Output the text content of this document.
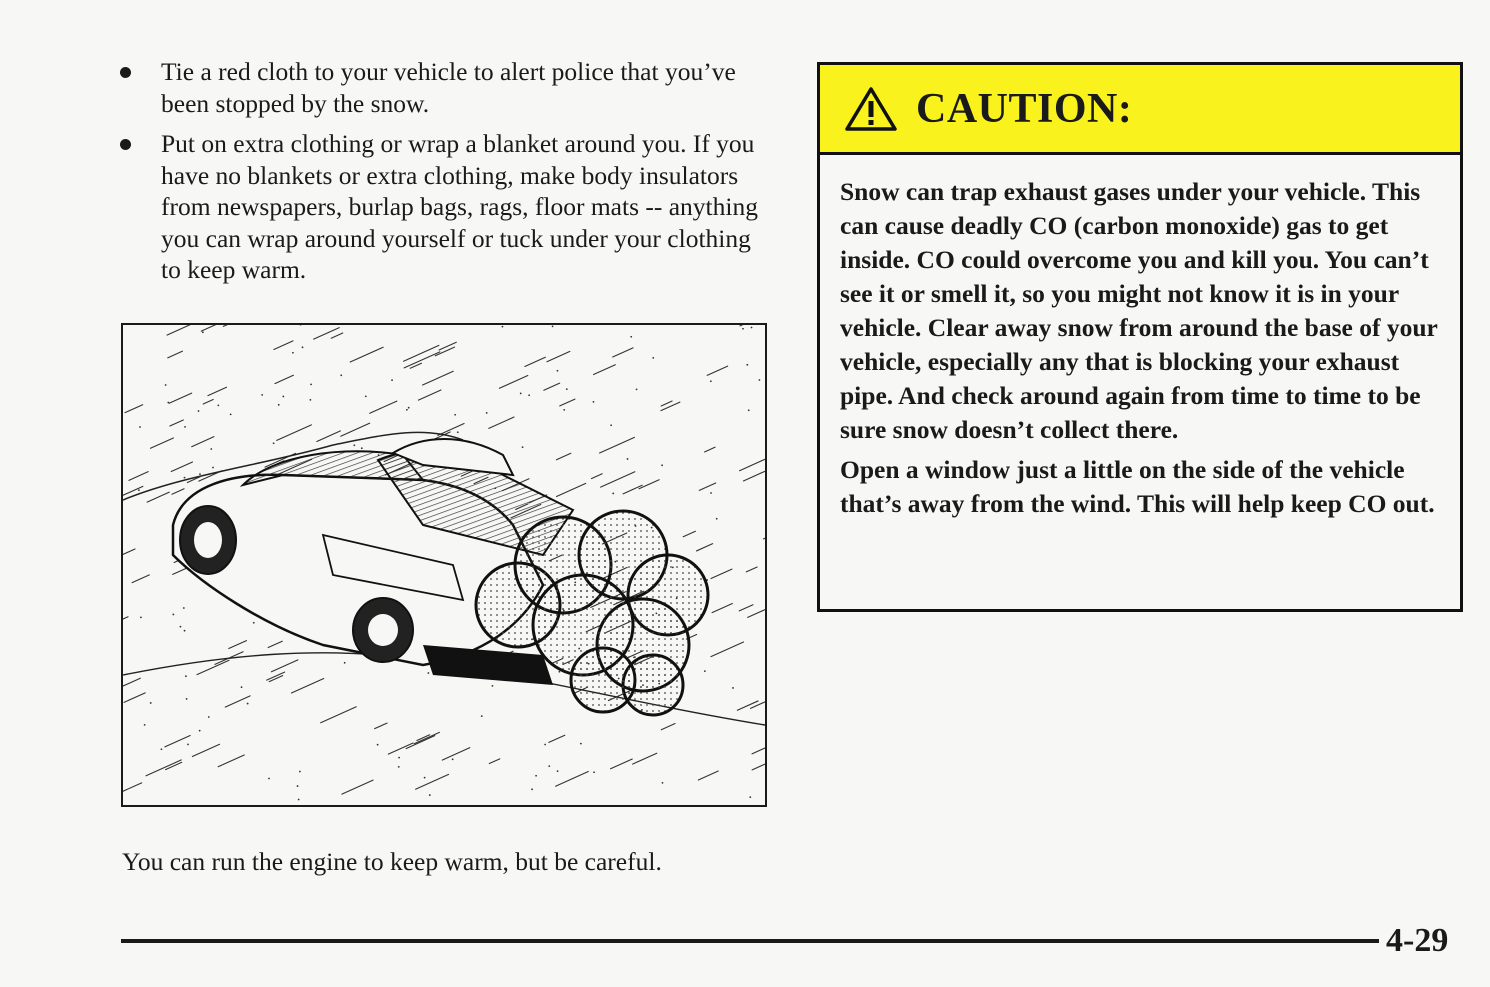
Tie a red cloth to your vehicle to alert police that you’ve been stopped by the snow.
Put on extra clothing or wrap a blanket around you. If you have no blankets or extra clothing, make body insulators from newspapers, burlap bags, rags, floor mats -- anything you can wrap around yourself or tuck under your clothing to keep warm.
You can run the engine to keep warm, but be careful.
CAUTION:

Snow can trap exhaust gases under your vehicle. This can cause deadly CO (carbon monoxide) gas to get inside. CO could overcome you and kill you. You can’t see it or smell it, so you might not know it is in your vehicle. Clear away snow from around the base of your vehicle, especially any that is blocking your exhaust pipe. And check around again from time to time to be sure snow doesn’t collect there.

Open a window just a little on the side of the vehicle that’s away from the wind. This will help keep CO out.

4-29
